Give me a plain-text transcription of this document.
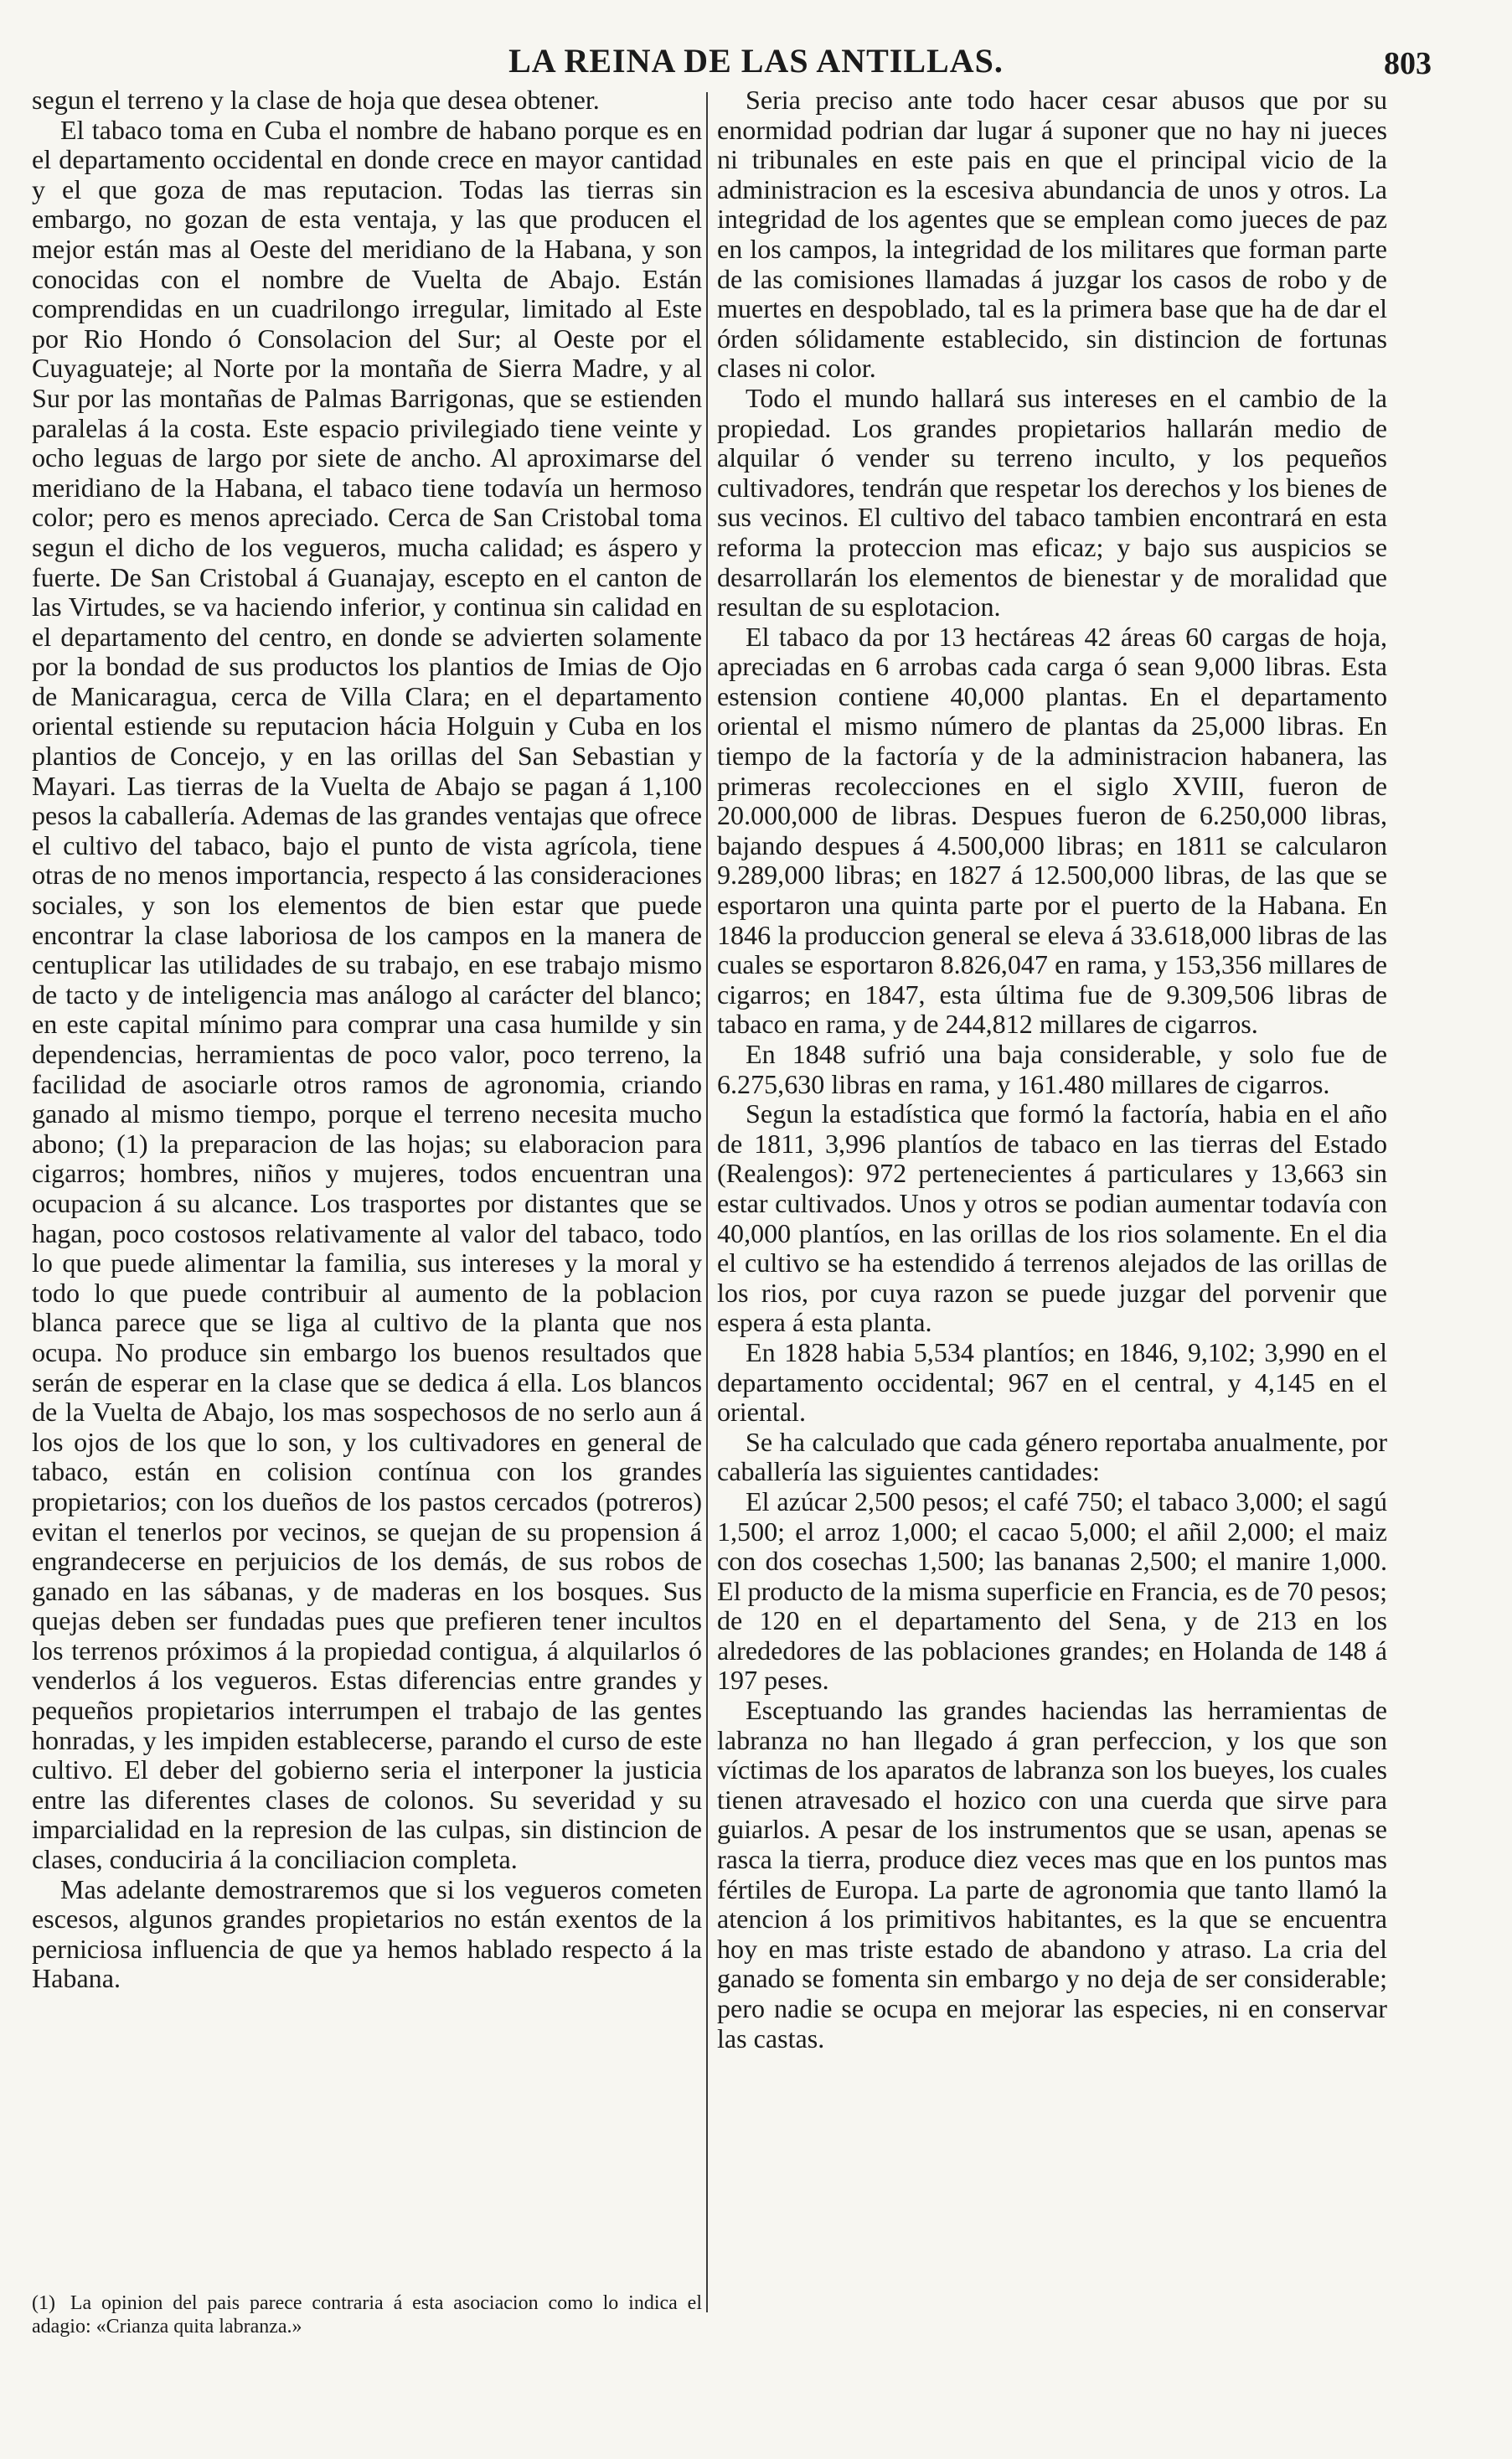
LA REINA DE LAS ANTILLAS.	803

segun el terreno y la clase de hoja que desea obtener.

El tabaco toma en Cuba el nombre de habano porque es en el departamento occidental en donde crece en mayor cantidad y el que goza de mas reputacion. Todas las tierras sin embargo, no gozan de esta ventaja, y las que producen el mejor están mas al Oeste del meridiano de la Habana, y son conocidas con el nombre de Vuelta de Abajo. Están comprendidas en un cuadrilongo irregular, limitado al Este por Rio Hondo ó Consolacion del Sur; al Oeste por el Cuyaguateje; al Norte por la montaña de Sierra Madre, y al Sur por las montañas de Palmas Barrigonas, que se estienden paralelas á la costa. Este espacio privilegiado tiene veinte y ocho leguas de largo por siete de ancho. Al aproximarse del meridiano de la Habana, el tabaco tiene todavía un hermoso color; pero es menos apreciado. Cerca de San Cristobal toma segun el dicho de los vegueros, mucha calidad; es áspero y fuerte. De San Cristobal á Guanajay, escepto en el canton de las Virtudes, se va haciendo inferior, y continua sin calidad en el departamento del centro, en donde se advierten solamente por la bondad de sus productos los plantios de Imias de Ojo de Manicaragua, cerca de Villa Clara; en el departamento oriental estiende su reputacion hácia Holguin y Cuba en los plantios de Concejo, y en las orillas del San Sebastian y Mayari. Las tierras de la Vuelta de Abajo se pagan á 1,100 pesos la caballería. Ademas de las grandes ventajas que ofrece el cultivo del tabaco, bajo el punto de vista agrícola, tiene otras de no menos importancia, respecto á las consideraciones sociales, y son los elementos de bien estar que puede encontrar la clase laboriosa de los campos en la manera de centuplicar las utilidades de su trabajo, en ese trabajo mismo de tacto y de inteligencia mas análogo al carácter del blanco; en este capital mínimo para comprar una casa humilde y sin dependencias, herramientas de poco valor, poco terreno, la facilidad de asociarle otros ramos de agronomia, criando ganado al mismo tiempo, porque el terreno necesita mucho abono; (1) la preparacion de las hojas; su elaboracion para cigarros; hombres, niños y mujeres, todos encuentran una ocupacion á su alcance. Los trasportes por distantes que se hagan, poco costosos relativamente al valor del tabaco, todo lo que puede alimentar la familia, sus intereses y la moral y todo lo que puede contribuir al aumento de la poblacion blanca parece que se liga al cultivo de la planta que nos ocupa. No produce sin embargo los buenos resultados que serán de esperar en la clase que se dedica á ella. Los blancos de la Vuelta de Abajo, los mas sospechosos de no serlo aun á los ojos de los que lo son, y los cultivadores en general de tabaco, están en colision contínua con los grandes propietarios; con los dueños de los pastos cercados (potreros) evitan el tenerlos por vecinos, se quejan de su propension á engrandecerse en perjuicios de los demás, de sus robos de ganado en las sábanas, y de maderas en los bosques. Sus quejas deben ser fundadas pues que prefieren tener incultos los terrenos próximos á la propiedad contigua, á alquilarlos ó venderlos á los vegueros. Estas diferencias entre grandes y pequeños propietarios interrumpen el trabajo de las gentes honradas, y les impiden establecerse, parando el curso de este cultivo. El deber del gobierno seria el interponer la justicia entre las diferentes clases de colonos. Su severidad y su imparcialidad en la represion de las culpas, sin distincion de clases, conduciria á la conciliacion completa.

Mas adelante demostraremos que si los vegueros cometen escesos, algunos grandes propietarios no están exentos de la perniciosa influencia de que ya hemos hablado respecto á la Habana.

Seria preciso ante todo hacer cesar abusos que por su enormidad podrian dar lugar á suponer que no hay ni jueces ni tribunales en este pais en que el principal vicio de la administracion es la escesiva abundancia de unos y otros. La integridad de los agentes que se emplean como jueces de paz en los campos, la integridad de los militares que forman parte de las comisiones llamadas á juzgar los casos de robo y de muertes en despoblado, tal es la primera base que ha de dar el órden sólidamente establecido, sin distincion de fortunas clases ni color.

Todo el mundo hallará sus intereses en el cambio de la propiedad. Los grandes propietarios hallarán medio de alquilar ó vender su terreno inculto, y los pequeños cultivadores, tendrán que respetar los derechos y los bienes de sus vecinos. El cultivo del tabaco tambien encontrará en esta reforma la proteccion mas eficaz; y bajo sus auspicios se desarrollarán los elementos de bienestar y de moralidad que resultan de su esplotacion.

El tabaco da por 13 hectáreas 42 áreas 60 cargas de hoja, apreciadas en 6 arrobas cada carga ó sean 9,000 libras. Esta estension contiene 40,000 plantas. En el departamento oriental el mismo número de plantas da 25,000 libras. En tiempo de la factoría y de la administracion habanera, las primeras recolecciones en el siglo XVIII, fueron de 20.000,000 de libras. Despues fueron de 6.250,000 libras, bajando despues á 4.500,000 libras; en 1811 se calcularon 9.289,000 libras; en 1827 á 12.500,000 libras, de las que se esportaron una quinta parte por el puerto de la Habana. En 1846 la produccion general se eleva á 33.618,000 libras de las cuales se esportaron 8.826,047 en rama, y 153,356 millares de cigarros; en 1847, esta última fue de 9.309,506 libras de tabaco en rama, y de 244,812 millares de cigarros.

En 1848 sufrió una baja considerable, y solo fue de 6.275,630 libras en rama, y 161.480 millares de cigarros.

Segun la estadística que formó la factoría, habia en el año de 1811, 3,996 plantíos de tabaco en las tierras del Estado (Realengos): 972 pertenecientes á particulares y 13,663 sin estar cultivados. Unos y otros se podian aumentar todavía con 40,000 plantíos, en las orillas de los rios solamente. En el dia el cultivo se ha estendido á terrenos alejados de las orillas de los rios, por cuya razon se puede juzgar del porvenir que espera á esta planta.

En 1828 habia 5,534 plantíos; en 1846, 9,102; 3,990 en el departamento occidental; 967 en el central, y 4,145 en el oriental.

Se ha calculado que cada género reportaba anualmente, por caballería las siguientes cantidades:

El azúcar 2,500 pesos; el café 750; el tabaco 3,000; el sagú 1,500; el arroz 1,000; el cacao 5,000; el añil 2,000; el maiz con dos cosechas 1,500; las bananas 2,500; el manire 1,000. El producto de la misma superficie en Francia, es de 70 pesos; de 120 en el departamento del Sena, y de 213 en los alrededores de las poblaciones grandes; en Holanda de 148 á 197 peses.

Esceptuando las grandes haciendas las herramientas de labranza no han llegado á gran perfeccion, y los que son víctimas de los aparatos de labranza son los bueyes, los cuales tienen atravesado el hozico con una cuerda que sirve para guiarlos. A pesar de los instrumentos que se usan, apenas se rasca la tierra, produce diez veces mas que en los puntos mas fértiles de Europa. La parte de agronomia que tanto llamó la atencion á los primitivos habitantes, es la que se encuentra hoy en mas triste estado de abandono y atraso. La cria del ganado se fomenta sin embargo y no deja de ser considerable; pero nadie se ocupa en mejorar las especies, ni en conservar las castas.

(1) La opinion del pais parece contraria á esta asociacion como lo indica el adagio: «Crianza quita labranza.»
